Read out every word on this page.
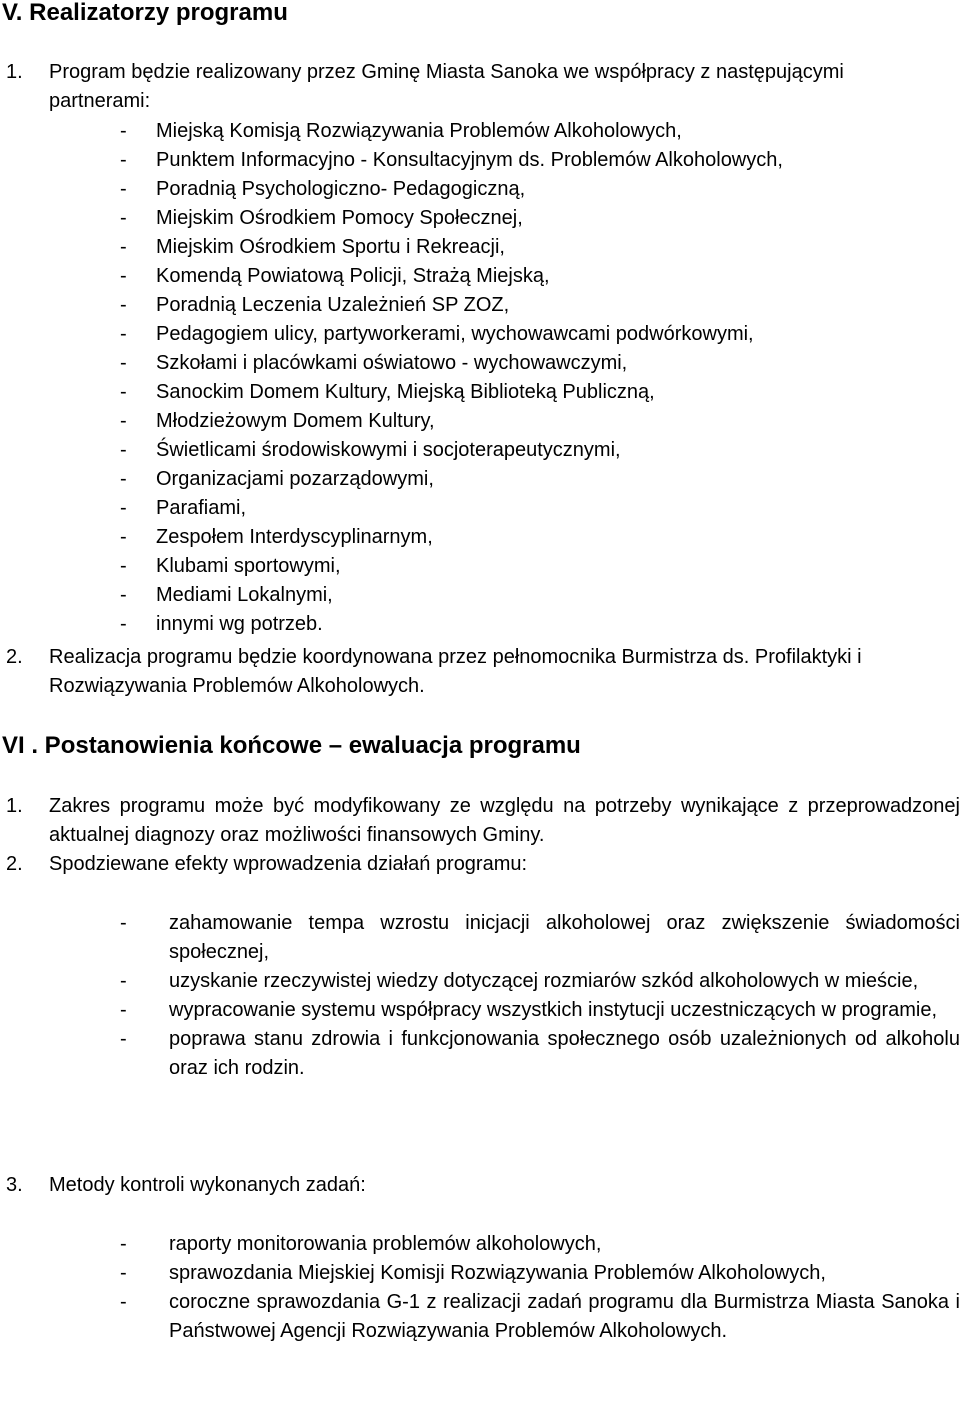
V. Realizatorzy programu
1. Program będzie realizowany przez Gminę Miasta Sanoka we współpracy z następującymi partnerami:

- Miejską Komisją Rozwiązywania Problemów Alkoholowych,
- Punktem Informacyjno - Konsultacyjnym ds. Problemów Alkoholowych,
- Poradnią Psychologiczno- Pedagogiczną,
- Miejskim Ośrodkiem Pomocy Społecznej,
- Miejskim Ośrodkiem Sportu i Rekreacji,
- Komendą Powiatową Policji, Strażą Miejską,
- Poradnią Leczenia Uzależnień SP ZOZ,
- Pedagogiem ulicy, partyworkerami, wychowawcami podwórkowymi,
- Szkołami i placówkami oświatowo - wychowawczymi,
- Sanockim Domem Kultury, Miejską Biblioteką Publiczną,
- Młodzieżowym Domem Kultury,
- Świetlicami środowiskowymi i socjoterapeutycznymi,
- Organizacjami pozarządowymi,
- Parafiami,
- Zespołem Interdyscyplinarnym,
- Klubami sportowymi,
- Mediami Lokalnymi,
- innymi wg potrzeb.
2. Realizacja programu będzie koordynowana przez pełnomocnika Burmistrza ds. Profilaktyki i Rozwiązywania Problemów Alkoholowych.

VI . Postanowienia końcowe – ewaluacja programu
1. Zakres programu może być modyfikowany ze względu na potrzeby wynikające z przeprowadzonej aktualnej diagnozy oraz możliwości finansowych Gminy.

2. Spodziewane efekty wprowadzenia działań programu:

- zahamowanie tempa wzrostu inicjacji alkoholowej oraz zwiększenie świadomości społecznej,
- uzyskanie rzeczywistej wiedzy dotyczącej rozmiarów szkód alkoholowych w mieście,
- wypracowanie systemu współpracy wszystkich instytucji uczestniczących w programie,
- poprawa stanu zdrowia i funkcjonowania społecznego osób uzależnionych od alkoholu oraz ich rodzin.
3. Metody kontroli wykonanych zadań:

- raporty monitorowania problemów alkoholowych,
- sprawozdania Miejskiej Komisji Rozwiązywania Problemów Alkoholowych,
- coroczne sprawozdania G-1 z realizacji zadań programu dla Burmistrza Miasta Sanoka i Państwowej Agencji Rozwiązywania Problemów Alkoholowych.
